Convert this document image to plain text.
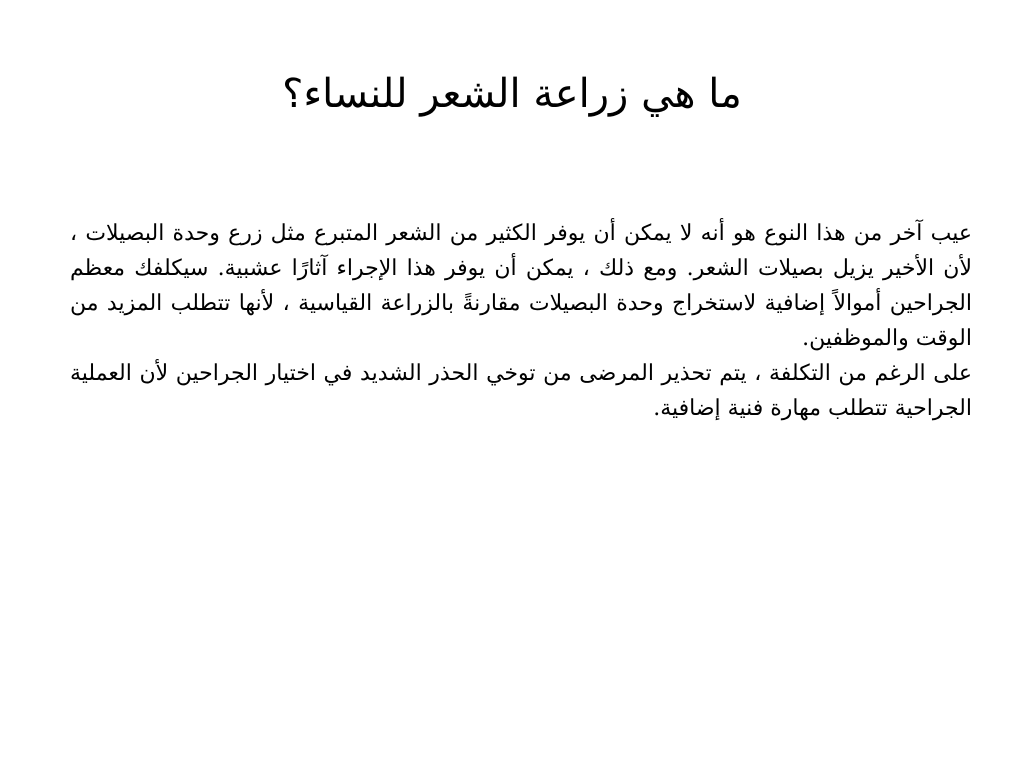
ما هي زراعة الشعر للنساء؟

عيب آخر من هذا النوع هو أنه لا يمكن أن يوفر الكثير من الشعر المتبرع مثل زرع وحدة البصيلات ، لأن الأخير يزيل بصيلات الشعر. ومع ذلك ، يمكن أن يوفر هذا الإجراء آثارًا عشبية. سيكلفك معظم الجراحين أموالاً إضافية لاستخراج وحدة البصيلات مقارنةً بالزراعة القياسية ، لأنها تتطلب المزيد من الوقت والموظفين.

على الرغم من التكلفة ، يتم تحذير المرضى من توخي الحذر الشديد في اختيار الجراحين لأن العملية الجراحية تتطلب مهارة فنية إضافية.
